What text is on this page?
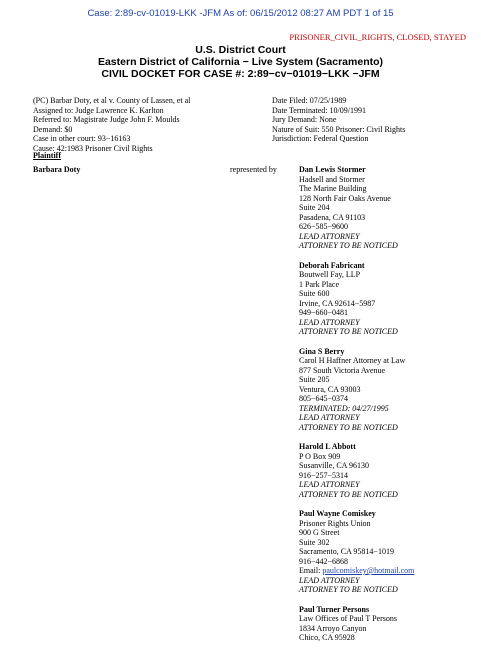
Case: 2:89-cv-01019-LKK -JFM As of: 06/15/2012 08:27 AM PDT 1 of 15
PRISONER_CIVIL_RIGHTS, CLOSED, STAYED
U.S. District Court
Eastern District of California − Live System (Sacramento)
CIVIL DOCKET FOR CASE #: 2:89−cv−01019−LKK −JFM
(PC) Barbar Doty, et al v. County of Lassen, et al
Assigned to: Judge Lawrence K. Karlton
Referred to: Magistrate Judge John F. Moulds
Demand: $0
Case in other court: 93−16163
Cause: 42:1983 Prisoner Civil Rights
Date Filed: 07/25/1989
Date Terminated: 10/09/1991
Jury Demand: None
Nature of Suit: 550 Prisoner: Civil Rights
Jurisdiction: Federal Question
Plaintiff
Barbara Doty	represented by	Dan Lewis Stormer
Hadsell and Stormer
The Marine Building
128 North Fair Oaks Avenue
Suite 204
Pasadena, CA 91103
626−585−9600
LEAD ATTORNEY
ATTORNEY TO BE NOTICED
Deborah Fabricant
Boutwell Fay, LLP
1 Park Place
Suite 600
Irvine, CA 92614−5987
949−660−0481
LEAD ATTORNEY
ATTORNEY TO BE NOTICED
Gina S Berry
Carol H Haffner Attorney at Law
877 South Victoria Avenue
Suite 205
Ventura, CA 93003
805−645−0374
TERMINATED: 04/27/1995
LEAD ATTORNEY
ATTORNEY TO BE NOTICED
Harold L Abbott
P O Box 909
Susanville, CA 96130
916−257−5314
LEAD ATTORNEY
ATTORNEY TO BE NOTICED
Paul Wayne Comiskey
Prisoner Rights Union
900 G Street
Suite 302
Sacramento, CA 95814−1019
916−442−6868
Email: paulcomiskey@hotmail.com
LEAD ATTORNEY
ATTORNEY TO BE NOTICED
Paul Turner Persons
Law Offices of Paul T Persons
1834 Arroyo Canyon
Chico, CA 95928
